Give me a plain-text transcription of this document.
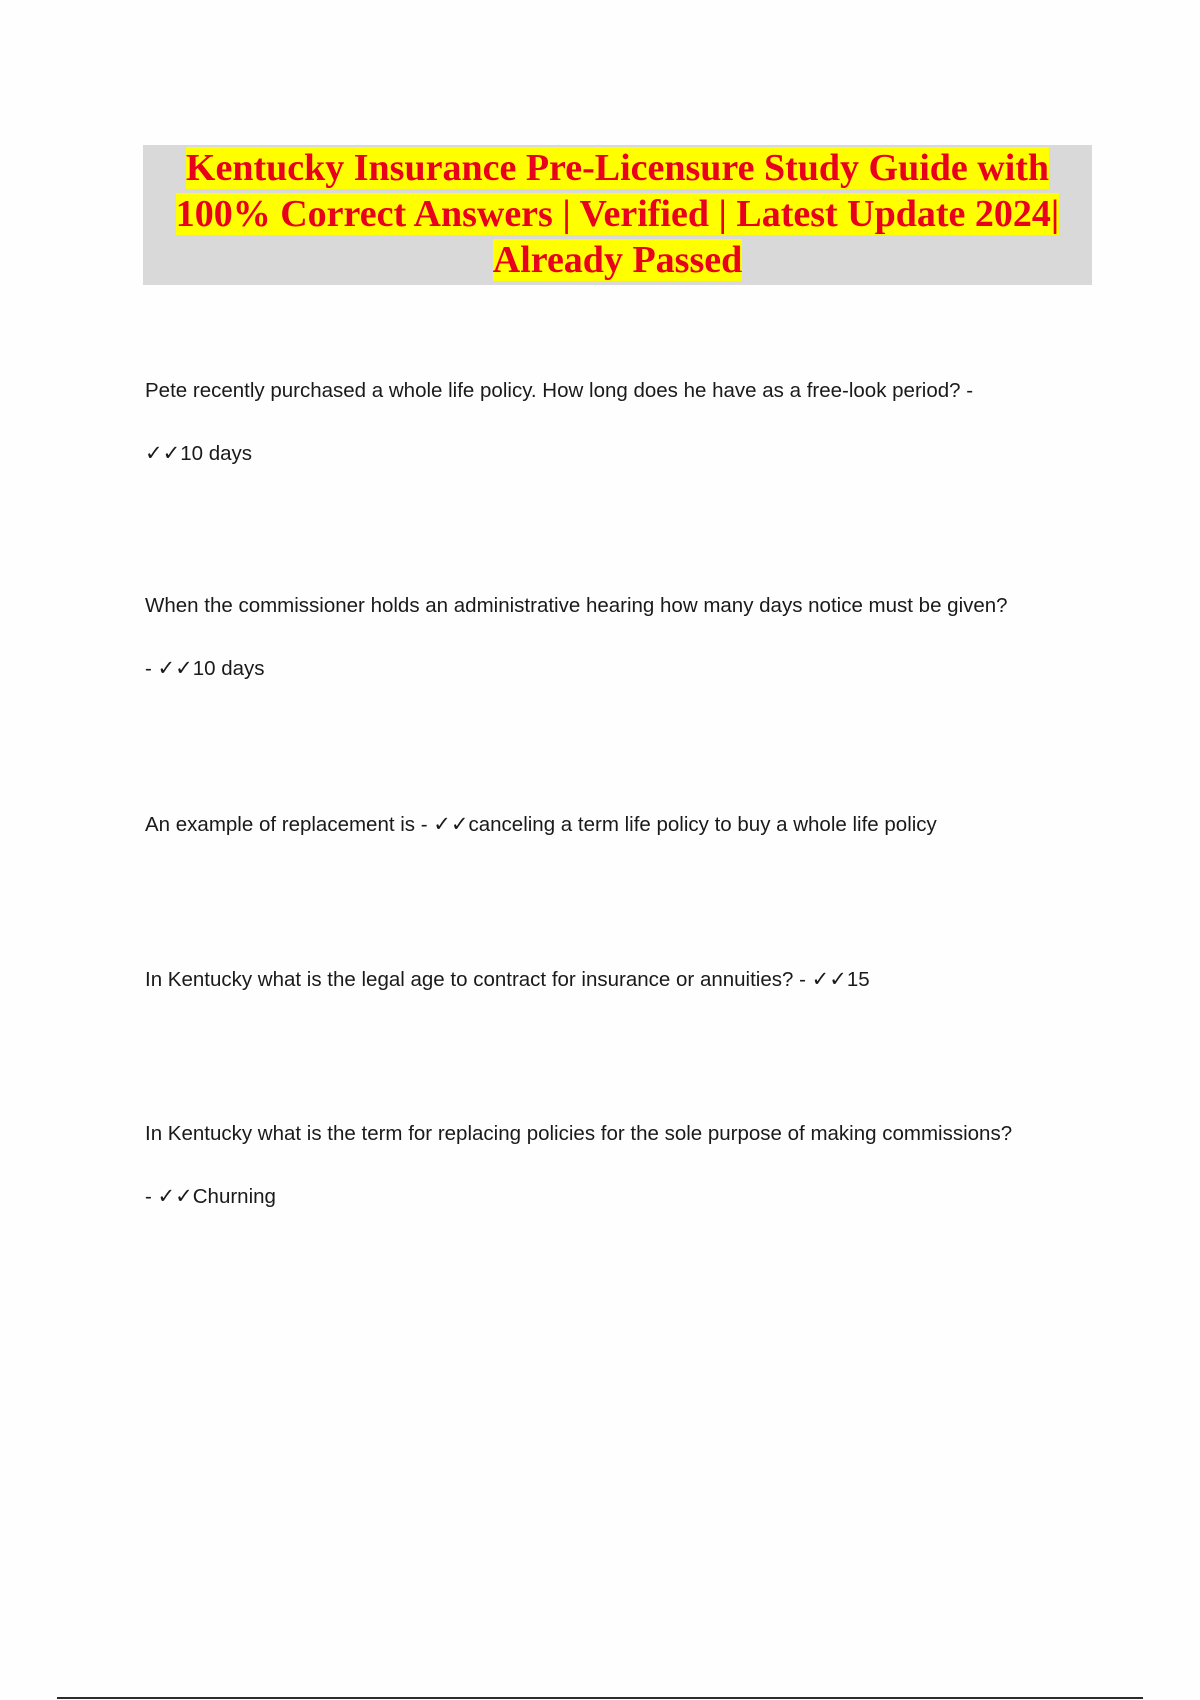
Kentucky Insurance Pre-Licensure Study Guide with 100% Correct Answers | Verified | Latest Update 2024| Already Passed
Pete recently purchased a whole life policy. How long does he have as a free-look period? -
✓✓10 days
When the commissioner holds an administrative hearing how many days notice must be given?
- ✓✓10 days
An example of replacement is - ✓✓canceling a term life policy to buy a whole life policy
In Kentucky what is the legal age to contract for insurance or annuities? - ✓✓15
In Kentucky what is the term for replacing policies for the sole purpose of making commissions?
- ✓✓Churning
